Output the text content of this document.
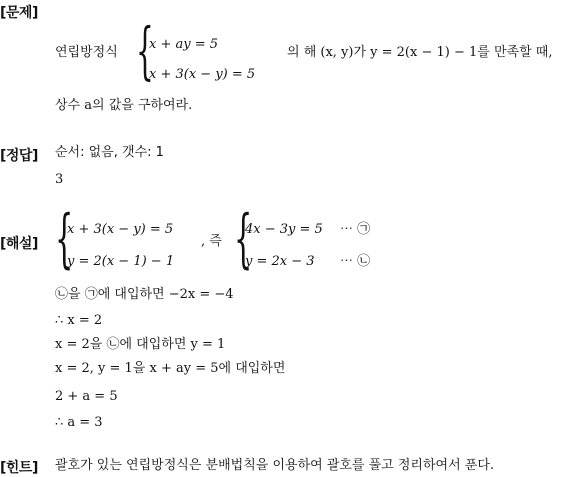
[문제]
연립방정식 {
x + ay = 5
x + 3(x − y) = 5
의 해 (x, y)가 y = 2(x − 1) − 1를 만족할 때,
상수 a의 값을 구하여라.
[정답] 순서: 없음, 갯수: 1
3
[해설] {
x + 3(x − y) = 5
y = 2(x − 1) − 1
, 즉 {
4x − 3y = 5
y = 2x − 3
⋯ ㉠
⋯ ㉡
㉡을 ㉠에 대입하면 −2x = −4
∴ x = 2
x = 2을 ㉡에 대입하면 y = 1
x = 2, y = 1을 x + ay = 5에 대입하면
2 + a = 5
∴ a = 3
[힌트] 괄호가 있는 연립방정식은 분배법칙을 이용하여 괄호를 풀고 정리하여서 푼다.
